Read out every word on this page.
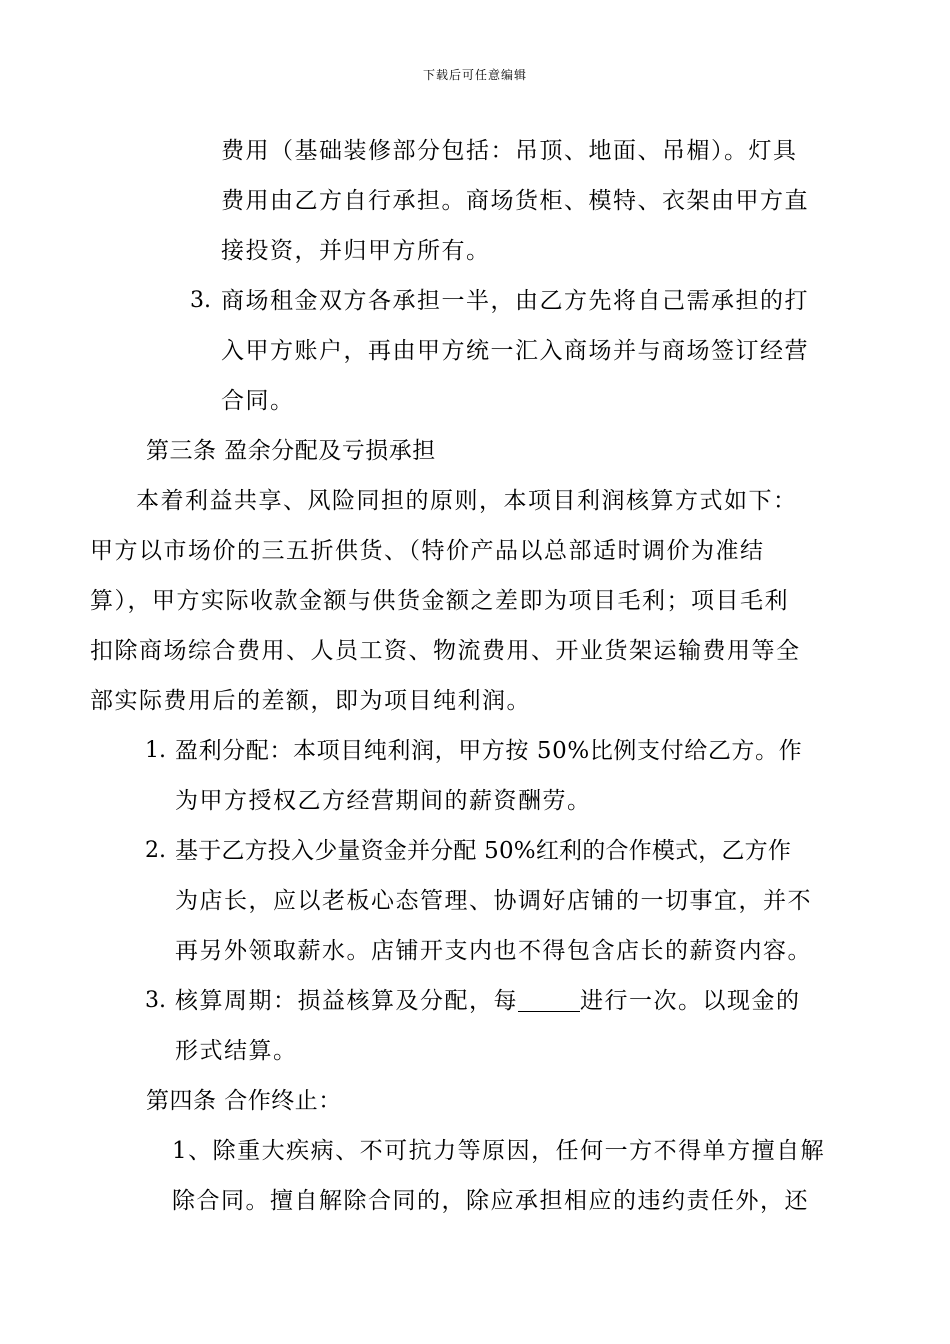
下载后可任意编辑
费用（基础装修部分包括：吊顶、地面、吊楣）。灯具
费用由乙方自行承担。商场货柜、模特、衣架由甲方直
接投资，并归甲方所有。
3. 商场租金双方各承担一半，由乙方先将自己需承担的打
入甲方账户，再由甲方统一汇入商场并与商场签订经营
合同。
第三条 盈余分配及亏损承担
本着利益共享、风险同担的原则，本项目利润核算方式如下：
甲方以市场价的三五折供货、（特价产品以总部适时调价为准结
算），甲方实际收款金额与供货金额之差即为项目毛利；项目毛利
扣除商场综合费用、人员工资、物流费用、开业货架运输费用等全
部实际费用后的差额，即为项目纯利润。
1. 盈利分配：本项目纯利润，甲方按 50%比例支付给乙方。作
为甲方授权乙方经营期间的薪资酬劳。
2. 基于乙方投入少量资金并分配 50%红利的合作模式，乙方作
为店长，应以老板心态管理、协调好店铺的一切事宜，并不
再另外领取薪水。店铺开支内也不得包含店长的薪资内容。
3. 核算周期：损益核算及分配，每	进行一次。以现金的
形式结算。
第四条 合作终止：
1、除重大疾病、不可抗力等原因，任何一方不得单方擅自解
除合同。擅自解除合同的，除应承担相应的违约责任外，还
